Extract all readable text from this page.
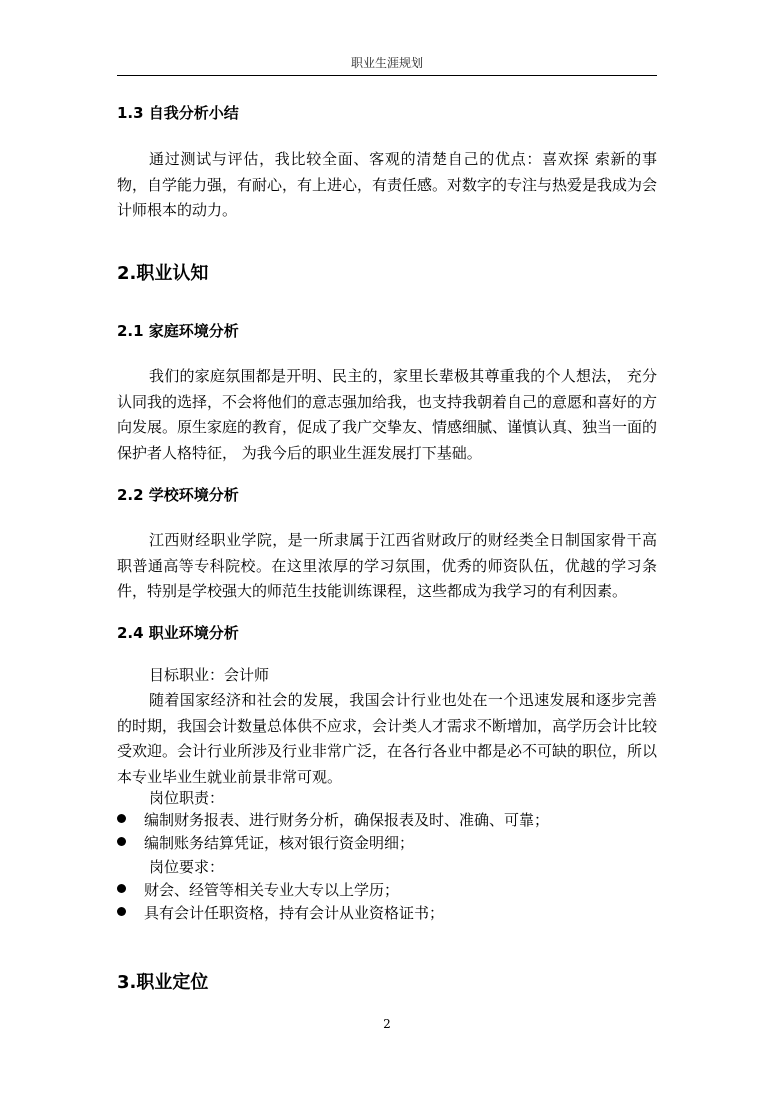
职业生涯规划
1.3 自我分析小结

通过测试与评估，我比较全面、客观的清楚自己的优点：喜欢探 索新的事物，自学能力强，有耐心，有上进心，有责任感。对数字的专注与热爱是我成为会计师根本的动力。

2.职业认知
2.1 家庭环境分析

我们的家庭氛围都是开明、民主的，家里长辈极其尊重我的个人想法， 充分认同我的选择，不会将他们的意志强加给我，也支持我朝着自己的意愿和喜好的方向发展。原生家庭的教育，促成了我广交挚友、情感细腻、谨慎认真、独当一面的保护者人格特征， 为我今后的职业生涯发展打下基础。

2.2 学校环境分析

江西财经职业学院，是一所隶属于江西省财政厅的财经类全日制国家骨干高职普通高等专科院校。在这里浓厚的学习氛围，优秀的师资队伍，优越的学习条件，特别是学校强大的师范生技能训练课程，这些都成为我学习的有利因素。

2.4 职业环境分析

目标职业：会计师

随着国家经济和社会的发展，我国会计行业也处在一个迅速发展和逐步完善的时期，我国会计数量总体供不应求，会计类人才需求不断增加，高学历会计比较受欢迎。会计行业所涉及行业非常广泛，在各行各业中都是必不可缺的职位，所以本专业毕业生就业前景非常可观。

岗位职责：

编制财务报表、进行财务分析，确保报表及时、准确、可靠；

编制账务结算凭证，核对银行资金明细；

岗位要求：

财会、经管等相关专业大专以上学历；

具有会计任职资格，持有会计从业资格证书；

3.职业定位
2
